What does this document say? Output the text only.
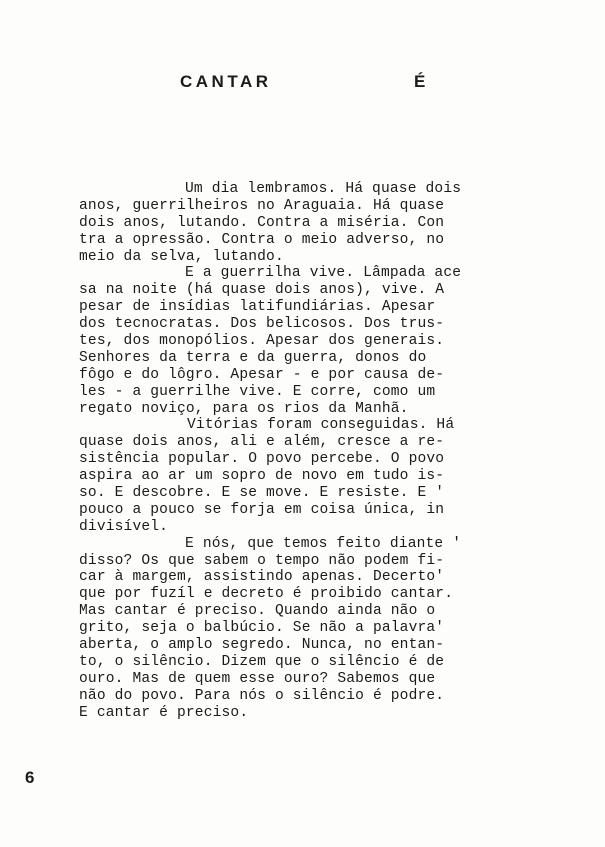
CANTAR	É
Um dia lembramos. Há quase dois
anos, guerrilheiros no Araguaia. Há quase
dois anos, lutando. Contra a miséria. Con
tra a opressão. Contra o meio adverso, no
meio da selva, lutando.
E a guerrilha vive. Lâmpada ace
sa na noite (há quase dois anos), vive. A
pesar de insídias latifundiárias. Apesar
dos tecnocratas. Dos belicosos. Dos trus-
tes, dos monopólios. Apesar dos generais.
Senhores da terra e da guerra, donos do
fôgo e do lôgro. Apesar - e por causa de-
les - a guerrilhe vive. E corre, como um
regato noviço, para os rios da Manhã.
Vitórias foram conseguidas. Há
quase dois anos, ali e além, cresce a re-
sistência popular. O povo percebe. O povo
aspira ao ar um sopro de novo em tudo is-
so. E descobre. E se move. E resiste. E '
pouco a pouco se forja em coisa única, in
divisível.
E nós, que temos feito diante '
disso? Os que sabem o tempo não podem fi-
car à margem, assistindo apenas. Decerto'
que por fuzíl e decreto é proibido cantar.
Mas cantar é preciso. Quando ainda não o
grito, seja o balbúcio. Se não a palavra'
aberta, o amplo segredo. Nunca, no entan-
to, o silêncio. Dizem que o silêncio é de
ouro. Mas de quem esse ouro? Sabemos que
não do povo. Para nós o silêncio é podre.
E cantar é preciso.
6
